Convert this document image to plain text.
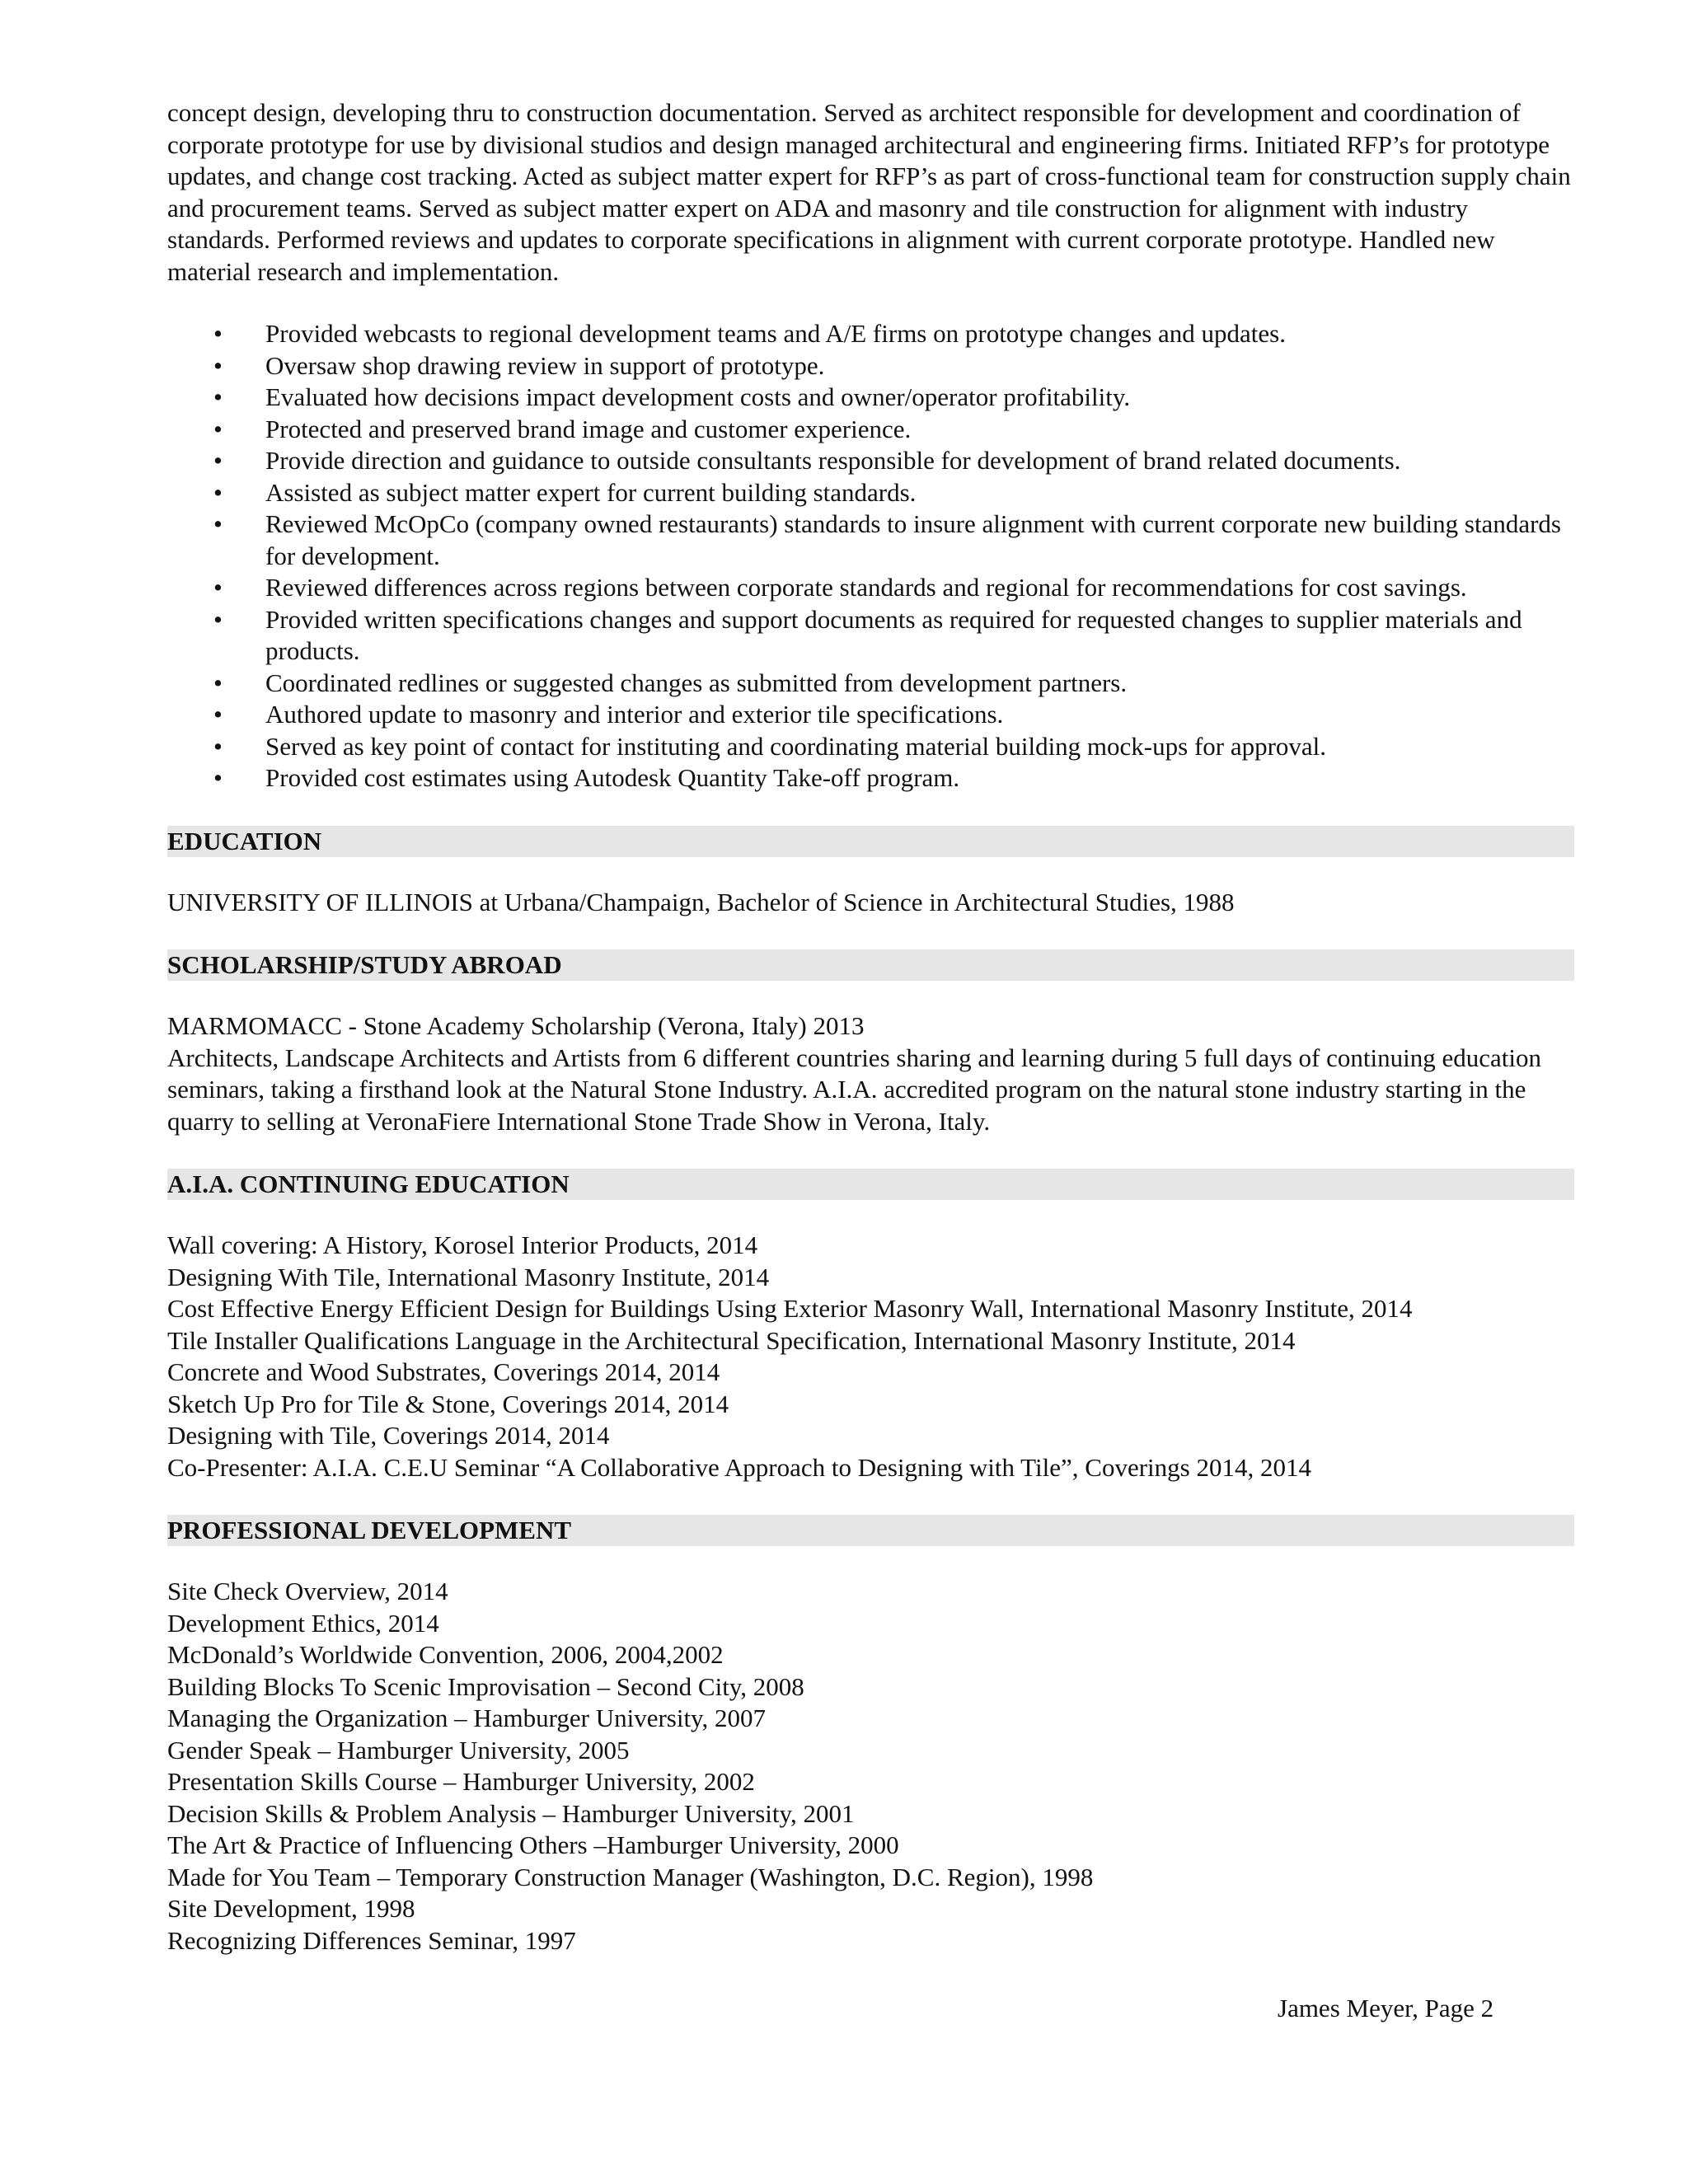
concept design, developing thru to construction documentation. Served as architect responsible for development and coordination of corporate prototype for use by divisional studios and design managed architectural and engineering firms. Initiated RFP’s for prototype updates, and change cost tracking. Acted as subject matter expert for RFP’s as part of cross-functional team for construction supply chain and procurement teams. Served as subject matter expert on ADA and masonry and tile construction for alignment with industry standards. Performed reviews and updates to corporate specifications in alignment with current corporate prototype. Handled new material research and implementation.

• Provided webcasts to regional development teams and A/E firms on prototype changes and updates.
• Oversaw shop drawing review in support of prototype.
• Evaluated how decisions impact development costs and owner/operator profitability.
• Protected and preserved brand image and customer experience.
• Provide direction and guidance to outside consultants responsible for development of brand related documents.
• Assisted as subject matter expert for current building standards.
• Reviewed McOpCo (company owned restaurants) standards to insure alignment with current corporate new building standards for development.
• Reviewed differences across regions between corporate standards and regional for recommendations for cost savings.
• Provided written specifications changes and support documents as required for requested changes to supplier materials and products.
• Coordinated redlines or suggested changes as submitted from development partners.
• Authored update to masonry and interior and exterior tile specifications.
• Served as key point of contact for instituting and coordinating material building mock-ups for approval.
• Provided cost estimates using Autodesk Quantity Take-off program.
EDUCATION
UNIVERSITY OF ILLINOIS at Urbana/Champaign, Bachelor of Science in Architectural Studies, 1988
SCHOLARSHIP/STUDY ABROAD
MARMOMACC - Stone Academy Scholarship (Verona, Italy) 2013
Architects, Landscape Architects and Artists from 6 different countries sharing and learning during 5 full days of continuing education seminars, taking a firsthand look at the Natural Stone Industry. A.I.A. accredited program on the natural stone industry starting in the quarry to selling at VeronaFiere International Stone Trade Show in Verona, Italy.
A.I.A. CONTINUING EDUCATION
Wall covering: A History, Korosel Interior Products, 2014
Designing With Tile, International Masonry Institute, 2014
Cost Effective Energy Efficient Design for Buildings Using Exterior Masonry Wall, International Masonry Institute, 2014
Tile Installer Qualifications Language in the Architectural Specification, International Masonry Institute, 2014
Concrete and Wood Substrates, Coverings 2014, 2014
Sketch Up Pro for Tile & Stone, Coverings 2014, 2014
Designing with Tile, Coverings 2014, 2014
Co-Presenter: A.I.A. C.E.U Seminar “A Collaborative Approach to Designing with Tile”, Coverings 2014, 2014
PROFESSIONAL DEVELOPMENT
Site Check Overview, 2014
Development Ethics, 2014
McDonald’s Worldwide Convention, 2006, 2004,2002
Building Blocks To Scenic Improvisation – Second City, 2008
Managing the Organization – Hamburger University, 2007
Gender Speak – Hamburger University, 2005
Presentation Skills Course – Hamburger University, 2002
Decision Skills & Problem Analysis – Hamburger University, 2001
The Art & Practice of Influencing Others –Hamburger University, 2000
Made for You Team – Temporary Construction Manager (Washington, D.C. Region), 1998
Site Development, 1998
Recognizing Differences Seminar, 1997
James Meyer, Page 2
